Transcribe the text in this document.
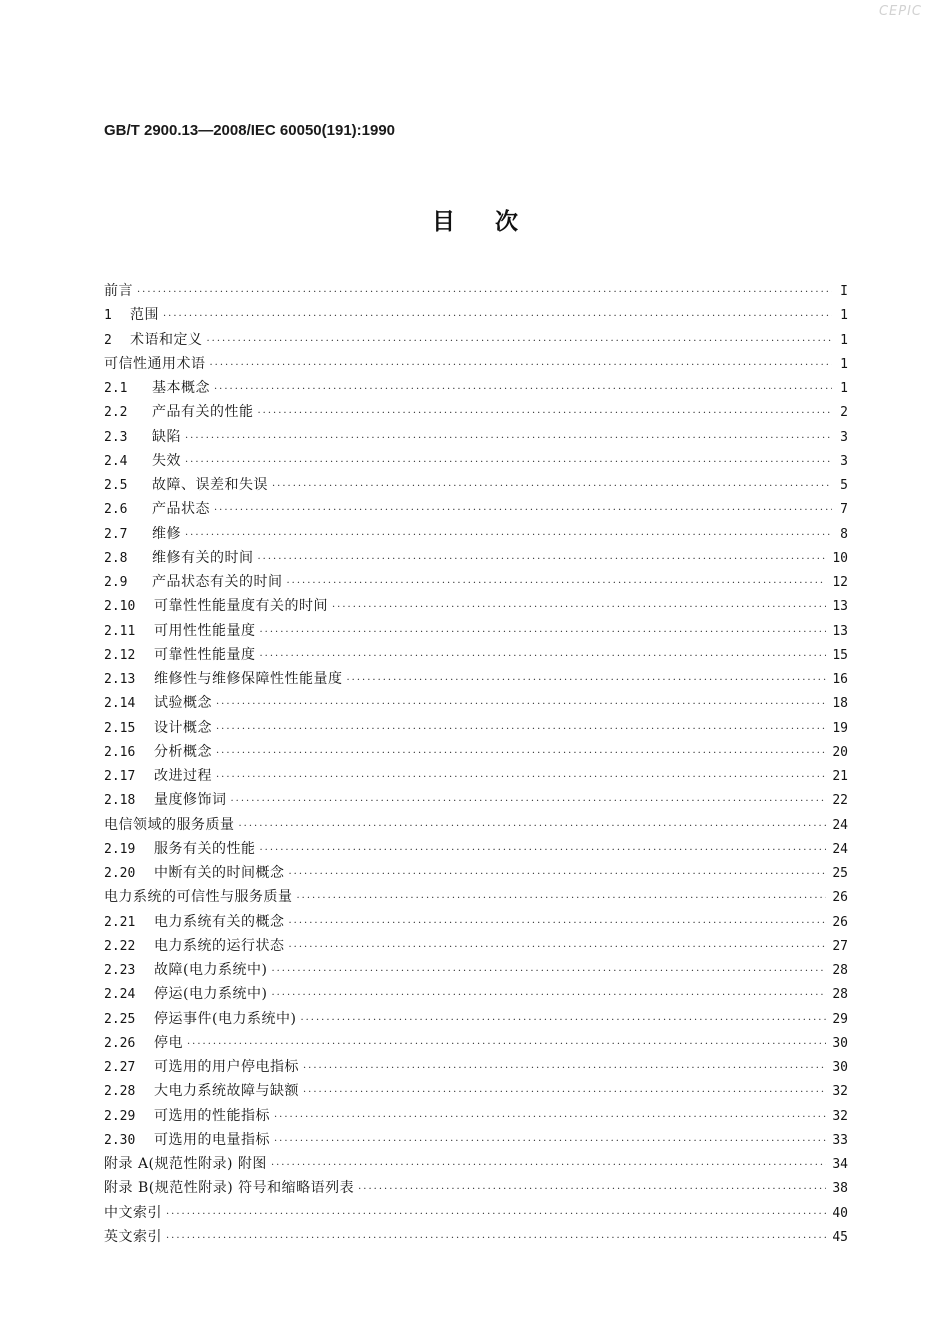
CEPIC
GB/T 2900.13—2008/IEC 60050(191):1990
目次
前言 ·····	I
1	范围 ·····	1
2	术语和定义 ·····	1
可信性通用术语 ·····	1
2.1	基本概念 ·····	1
2.2	产品有关的性能 ·····	2
2.3	缺陷 ·····	3
2.4	失效 ·····	3
2.5	故障、误差和失误 ·····	5
2.6	产品状态 ·····	7
2.7	维修 ·····	8
2.8	维修有关的时间 ·····	10
2.9	产品状态有关的时间 ·····	12
2.10	可靠性性能量度有关的时间 ·····	13
2.11	可用性性能量度 ·····	13
2.12	可靠性性能量度 ·····	15
2.13	维修性与维修保障性性能量度 ·····	16
2.14	试验概念 ·····	18
2.15	设计概念 ·····	19
2.16	分析概念 ·····	20
2.17	改进过程 ·····	21
2.18	量度修饰词 ·····	22
电信领域的服务质量 ·····	24
2.19	服务有关的性能 ·····	24
2.20	中断有关的时间概念 ·····	25
电力系统的可信性与服务质量 ·····	26
2.21	电力系统有关的概念 ·····	26
2.22	电力系统的运行状态 ·····	27
2.23	故障(电力系统中) ·····	28
2.24	停运(电力系统中) ·····	28
2.25	停运事件(电力系统中) ·····	29
2.26	停电 ·····	30
2.27	可选用的用户停电指标 ·····	30
2.28	大电力系统故障与缺额 ·····	32
2.29	可选用的性能指标 ·····	32
2.30	可选用的电量指标 ·····	33
附录 A(规范性附录) 附图 ·····	34
附录 B(规范性附录) 符号和缩略语列表 ·····	38
中文索引 ·····	40
英文索引 ·····	45
